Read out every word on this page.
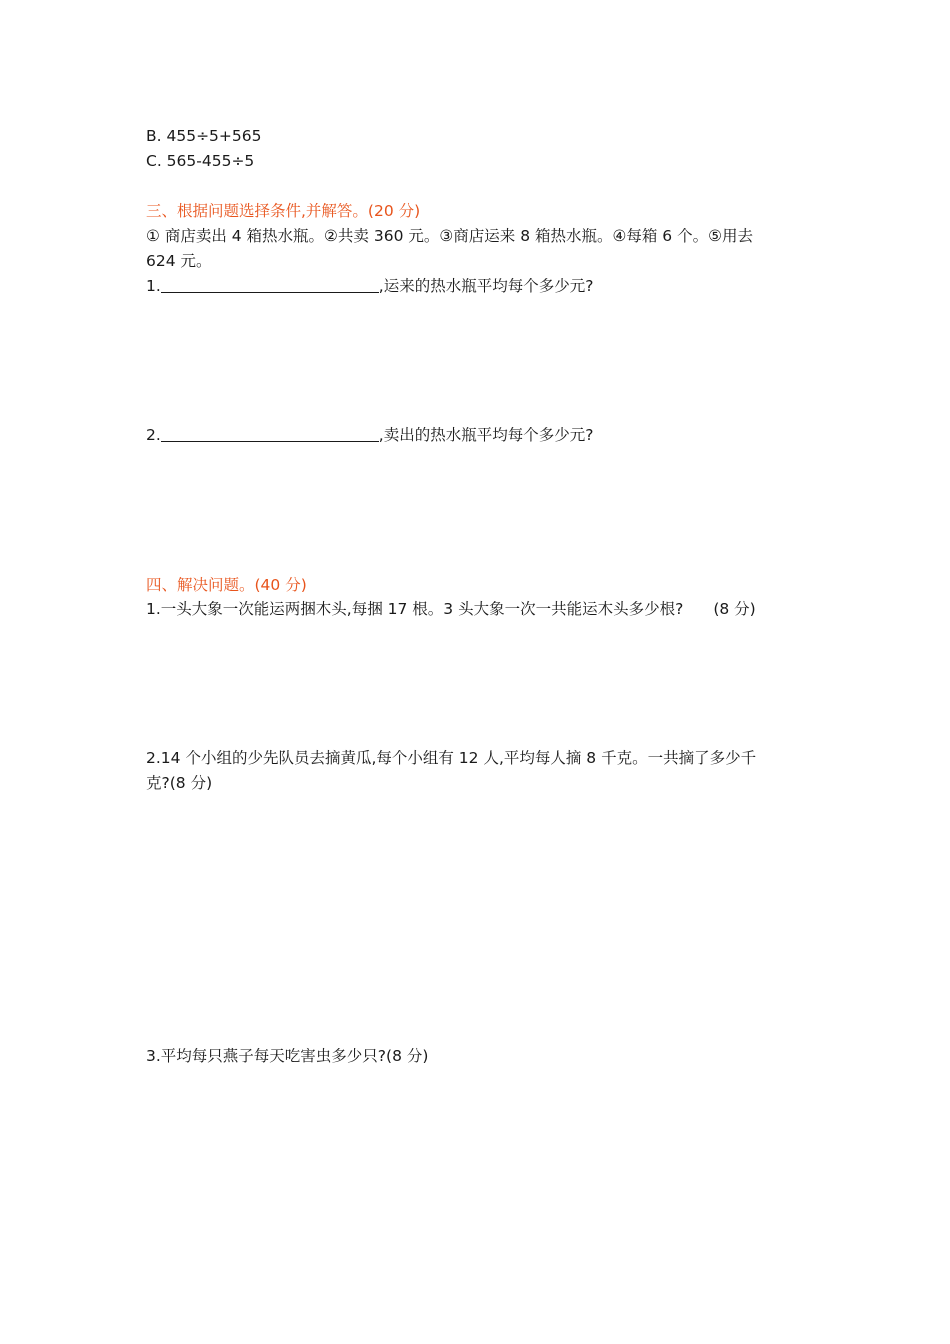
B. 455÷5+565
C. 565-455÷5
三、根据问题选择条件,并解答。(20 分)
① 商店卖出 4 箱热水瓶。②共卖 360 元。③商店运来 8 箱热水瓶。④每箱 6 个。⑤用去
624 元。
1.	,运来的热水瓶平均每个多少元?
2.	,卖出的热水瓶平均每个多少元?
四、解决问题。(40 分)
1.一头大象一次能运两捆木头,每捆 17 根。3 头大象一次一共能运木头多少根? (8 分)
2.14 个小组的少先队员去摘黄瓜,每个小组有 12 人,平均每人摘 8 千克。一共摘了多少千
克?(8 分)
3.平均每只燕子每天吃害虫多少只?(8 分)
